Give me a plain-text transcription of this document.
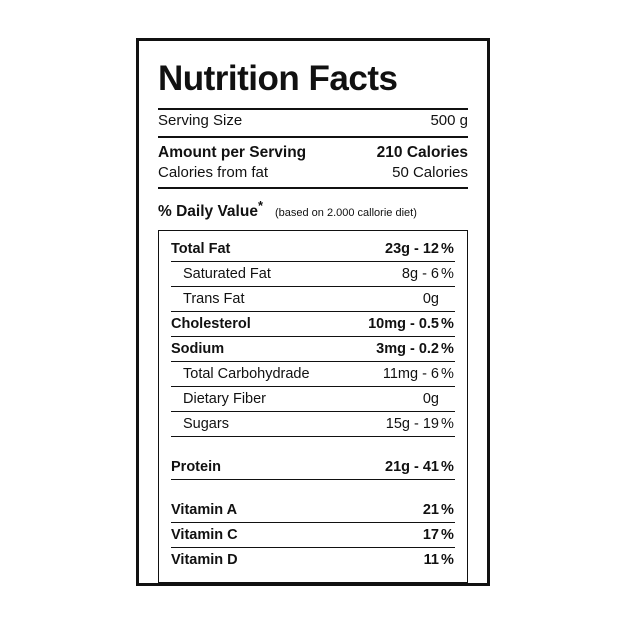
Nutrition Facts
Serving Size	500 g
Amount per Serving	210 Calories
Calories from fat	50 Calories
% Daily Value*
(based on 2.000 callorie diet)
Total Fat	23g - 12 %
Saturated Fat	8g - 6 %
Trans Fat	0g
Cholesterol	10mg - 0.5 %
Sodium	3mg - 0.2 %
Total Carbohydrade	11mg - 6 %
Dietary Fiber	0g
Sugars	15g - 19 %
Protein	21g - 41 %
Vitamin A	21 %
Vitamin C	17 %
Vitamin D	11 %
